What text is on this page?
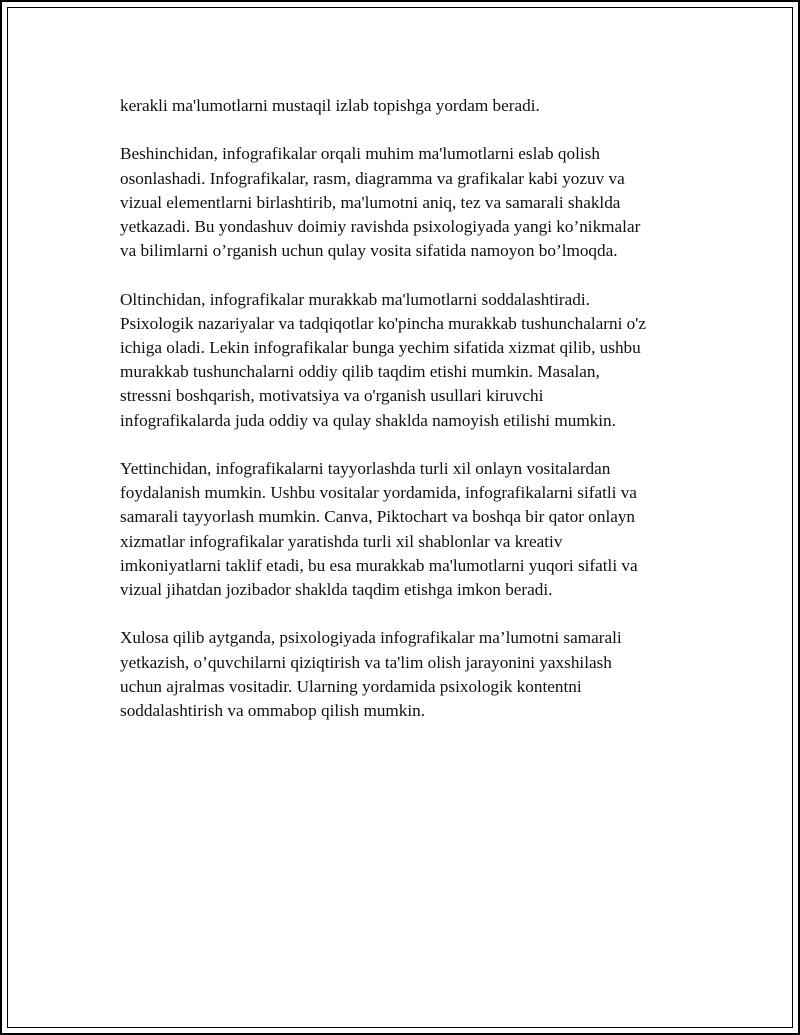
kerakli ma'lumotlarni mustaqil izlab topishga yordam beradi.

Beshinchidan, infografikalar orqali muhim ma'lumotlarni eslab qolish
osonlashadi. Infografikalar, rasm, diagramma va grafikalar kabi yozuv va
vizual elementlarni birlashtirib, ma'lumotni aniq, tez va samarali shaklda
yetkazadi. Bu yondashuv doimiy ravishda psixologiyada yangi ko’nikmalar
va bilimlarni o’rganish uchun qulay vosita sifatida namoyon bo’lmoqda.

Oltinchidan, infografikalar murakkab ma'lumotlarni soddalashtiradi.
Psixologik nazariyalar va tadqiqotlar ko'pincha murakkab tushunchalarni o'z
ichiga oladi. Lekin infografikalar bunga yechim sifatida xizmat qilib, ushbu
murakkab tushunchalarni oddiy qilib taqdim etishi mumkin. Masalan,
stressni boshqarish, motivatsiya va o'rganish usullari kiruvchi
infografikalarda juda oddiy va qulay shaklda namoyish etilishi mumkin.

Yettinchidan, infografikalarni tayyorlashda turli xil onlayn vositalardan
foydalanish mumkin. Ushbu vositalar yordamida, infografikalarni sifatli va
samarali tayyorlash mumkin. Canva, Piktochart va boshqa bir qator onlayn
xizmatlar infografikalar yaratishda turli xil shablonlar va kreativ
imkoniyatlarni taklif etadi, bu esa murakkab ma'lumotlarni yuqori sifatli va
vizual jihatdan jozibador shaklda taqdim etishga imkon beradi.

Xulosa qilib aytganda, psixologiyada infografikalar ma’lumotni samarali
yetkazish, o’quvchilarni qiziqtirish va ta'lim olish jarayonini yaxshilash
uchun ajralmas vositadir. Ularning yordamida psixologik kontentni
soddalashtirish va ommabop qilish mumkin.
